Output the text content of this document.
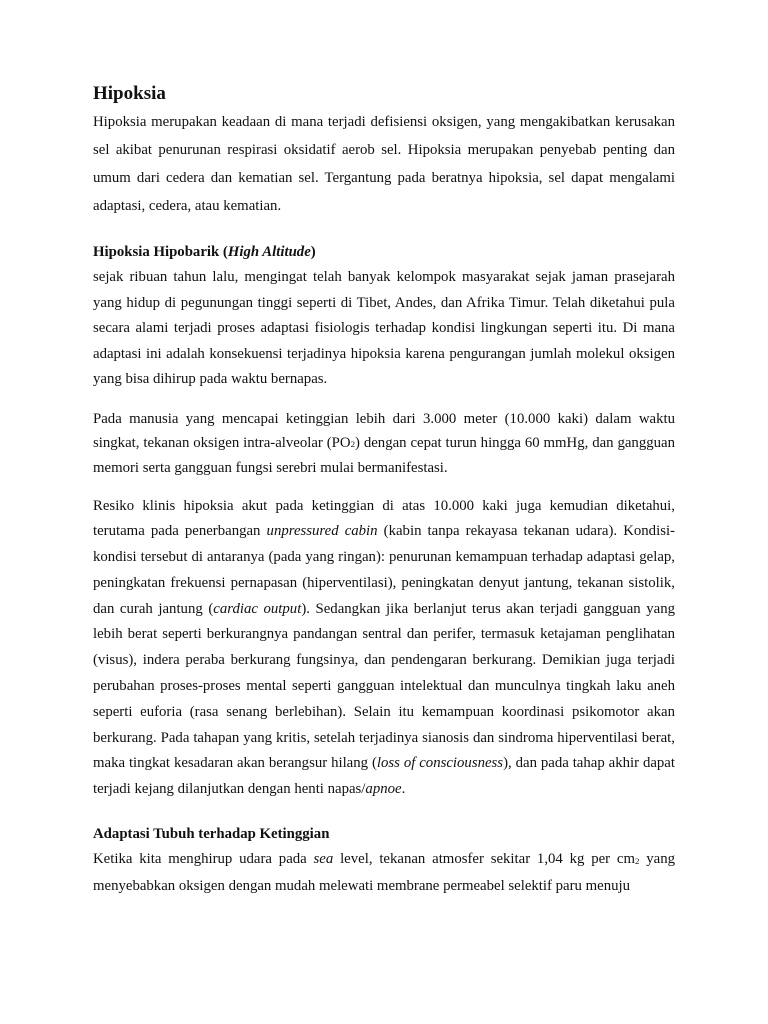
Hipoksia

Hipoksia merupakan keadaan di mana terjadi defisiensi oksigen, yang mengakibatkan kerusakan sel akibat penurunan respirasi oksidatif aerob sel. Hipoksia merupakan penyebab penting dan umum dari cedera dan kematian sel. Tergantung pada beratnya hipoksia, sel dapat mengalami adaptasi, cedera, atau kematian.

Hipoksia Hipobarik (High Altitude)

sejak ribuan tahun lalu, mengingat telah banyak kelompok masyarakat sejak jaman prasejarah yang hidup di pegunungan tinggi seperti di Tibet, Andes, dan Afrika Timur. Telah diketahui pula secara alami terjadi proses adaptasi fisiologis terhadap kondisi lingkungan seperti itu. Di mana adaptasi ini adalah konsekuensi terjadinya hipoksia karena pengurangan jumlah molekul oksigen yang bisa dihirup pada waktu bernapas.

Pada manusia yang mencapai ketinggian lebih dari 3.000 meter (10.000 kaki) dalam waktu singkat, tekanan oksigen intra-alveolar $(PO_2)$ dengan cepat turun hingga 60 mmHg, dan gangguan memori serta gangguan fungsi serebri mulai bermanifestasi.

Resiko klinis hipoksia akut pada ketinggian di atas 10.000 kaki juga kemudian diketahui, terutama pada penerbangan unpressured cabin (kabin tanpa rekayasa tekanan udara). Kondisi-kondisi tersebut di antaranya (pada yang ringan): penurunan kemampuan terhadap adaptasi gelap, peningkatan frekuensi pernapasan (hiperventilasi), peningkatan denyut jantung, tekanan sistolik, dan curah jantung (cardiac output). Sedangkan jika berlanjut terus akan terjadi gangguan yang lebih berat seperti berkurangnya pandangan sentral dan perifer, termasuk ketajaman penglihatan (visus), indera peraba berkurang fungsinya, dan pendengaran berkurang. Demikian juga terjadi perubahan proses-proses mental seperti gangguan intelektual dan munculnya tingkah laku aneh seperti euforia (rasa senang berlebihan). Selain itu kemampuan koordinasi psikomotor akan berkurang. Pada tahapan yang kritis, setelah terjadinya sianosis dan sindroma hiperventilasi berat, maka tingkat kesadaran akan berangsur hilang (loss of consciousness), dan pada tahap akhir dapat terjadi kejang dilanjutkan dengan henti napas/apnoe.

Adaptasi Tubuh terhadap Ketinggian

Ketika kita menghirup udara pada sea level, tekanan atmosfer sekitar 1,04 kg per $cm_2$ yang menyebabkan oksigen dengan mudah melewati membrane permeabel selektif paru menuju
